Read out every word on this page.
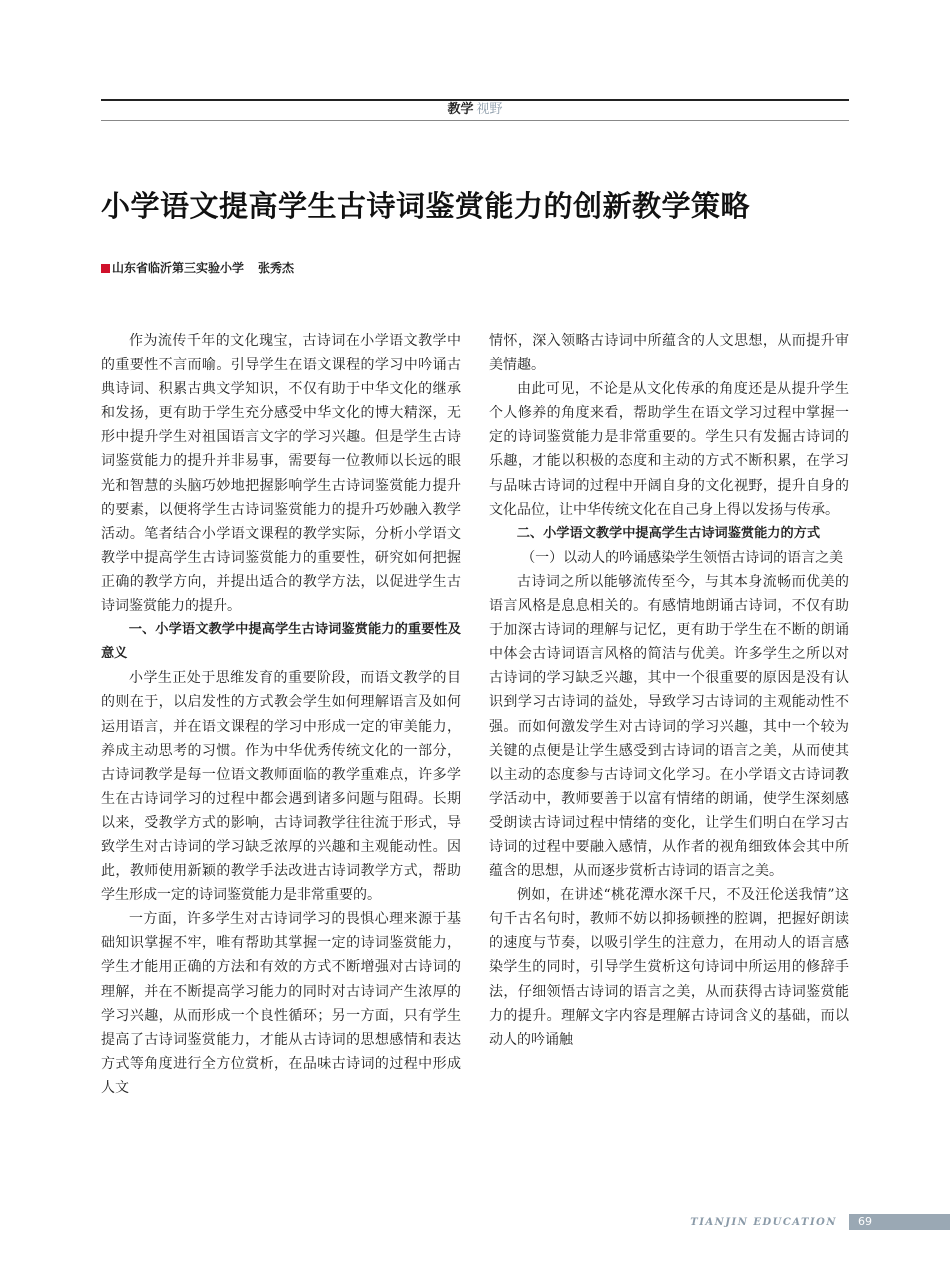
教学 视野
小学语文提高学生古诗词鉴赏能力的创新教学策略
山东省临沂第三实验小学 张秀杰

作为流传千年的文化瑰宝，古诗词在小学语文教学中的重要性不言而喻。引导学生在语文课程的学习中吟诵古典诗词、积累古典文学知识，不仅有助于中华文化的继承和发扬，更有助于学生充分感受中华文化的博大精深，无形中提升学生对祖国语言文字的学习兴趣。但是学生古诗词鉴赏能力的提升并非易事，需要每一位教师以长远的眼光和智慧的头脑巧妙地把握影响学生古诗词鉴赏能力提升的要素，以便将学生古诗词鉴赏能力的提升巧妙融入教学活动。笔者结合小学语文课程的教学实际，分析小学语文教学中提高学生古诗词鉴赏能力的重要性，研究如何把握正确的教学方向，并提出适合的教学方法，以促进学生古诗词鉴赏能力的提升。

一、小学语文教学中提高学生古诗词鉴赏能力的重要性及意义

小学生正处于思维发育的重要阶段，而语文教学的目的则在于，以启发性的方式教会学生如何理解语言及如何运用语言，并在语文课程的学习中形成一定的审美能力，养成主动思考的习惯。作为中华优秀传统文化的一部分，古诗词教学是每一位语文教师面临的教学重难点，许多学生在古诗词学习的过程中都会遇到诸多问题与阻碍。长期以来，受教学方式的影响，古诗词教学往往流于形式，导致学生对古诗词的学习缺乏浓厚的兴趣和主观能动性。因此，教师使用新颖的教学手法改进古诗词教学方式，帮助学生形成一定的诗词鉴赏能力是非常重要的。

一方面，许多学生对古诗词学习的畏惧心理来源于基础知识掌握不牢，唯有帮助其掌握一定的诗词鉴赏能力，学生才能用正确的方法和有效的方式不断增强对古诗词的理解，并在不断提高学习能力的同时对古诗词产生浓厚的学习兴趣，从而形成一个良性循环；另一方面，只有学生提高了古诗词鉴赏能力，才能从古诗词的思想感情和表达方式等角度进行全方位赏析，在品味古诗词的过程中形成人文

情怀，深入领略古诗词中所蕴含的人文思想，从而提升审美情趣。

由此可见，不论是从文化传承的角度还是从提升学生个人修养的角度来看，帮助学生在语文学习过程中掌握一定的诗词鉴赏能力是非常重要的。学生只有发掘古诗词的乐趣，才能以积极的态度和主动的方式不断积累，在学习与品味古诗词的过程中开阔自身的文化视野，提升自身的文化品位，让中华传统文化在自己身上得以发扬与传承。

二、小学语文教学中提高学生古诗词鉴赏能力的方式
（一）以动人的吟诵感染学生领悟古诗词的语言之美

古诗词之所以能够流传至今，与其本身流畅而优美的语言风格是息息相关的。有感情地朗诵古诗词，不仅有助于加深古诗词的理解与记忆，更有助于学生在不断的朗诵中体会古诗词语言风格的简洁与优美。许多学生之所以对古诗词的学习缺乏兴趣，其中一个很重要的原因是没有认识到学习古诗词的益处，导致学习古诗词的主观能动性不强。而如何激发学生对古诗词的学习兴趣，其中一个较为关键的点便是让学生感受到古诗词的语言之美，从而使其以主动的态度参与古诗词文化学习。在小学语文古诗词教学活动中，教师要善于以富有情绪的朗诵，使学生深刻感受朗读古诗词过程中情绪的变化，让学生们明白在学习古诗词的过程中要融入感情，从作者的视角细致体会其中所蕴含的思想，从而逐步赏析古诗词的语言之美。

例如，在讲述“桃花潭水深千尺，不及汪伦送我情”这句千古名句时，教师不妨以抑扬顿挫的腔调，把握好朗读的速度与节奏，以吸引学生的注意力，在用动人的语言感染学生的同时，引导学生赏析这句诗词中所运用的修辞手法，仔细领悟古诗词的语言之美，从而获得古诗词鉴赏能力的提升。理解文字内容是理解古诗词含义的基础，而以动人的吟诵触

TIANJIN EDUCATION	69
